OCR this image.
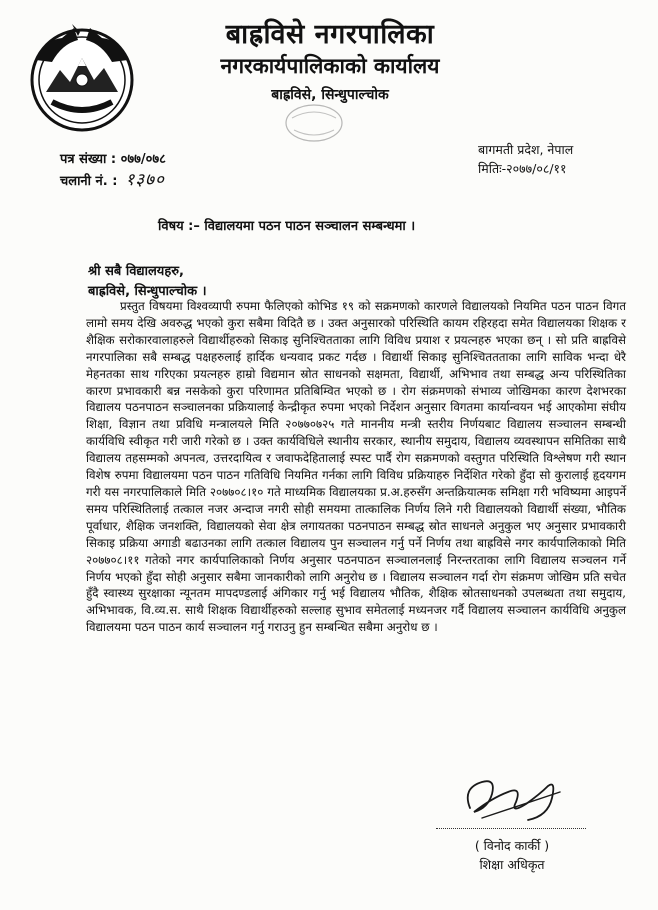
बाह्रविसे नगरपालिका
नगरकार्यपालिकाको कार्यालय
बाह्रविसे, सिन्धुपाल्चोक
पत्र संख्या : ०७७/०७८
चलानी नं. : १३७०
बागमती प्रदेश, नेपाल
मितिः-२०७७/०८/११
विषय :– विद्यालयमा पठन पाठन सञ्चालन सम्बन्धमा ।
श्री सबै विद्यालयहरु,
बाह्रविसे, सिन्धुपाल्चोक ।
प्रस्तुत विषयमा विश्वव्यापी रुपमा फैलिएको कोभिड १९ को सक्रमणको कारणले विद्यालयको नियमित पठन पाठन विगत लामो समय देखि अवरुद्ध भएको कुरा सबैमा विदितै छ । उक्त अनुसारको परिस्थिति कायम रहिरहदा समेत विद्यालयका शिक्षक र शैक्षिक सरोकारवालाहरुले विद्यार्थीहरुको सिकाइ सुनिश्चितताका लागि विविध प्रयाश र प्रयत्नहरु भएका छन् । सो प्रति बाह्रविसे नगरपालिका सबै सम्बद्ध पक्षहरुलाई हार्दिक धन्यवाद प्रकट गर्दछ । विद्यार्थी सिकाइ सुनिश्चिततताका लागि साविक भन्दा धेरै मेहनतका साथ गरिएका प्रयत्नहरु हाम्रो विद्यमान स्रोत साधनको सक्षमता, विद्यार्थी, अभिभाव तथा सम्बद्ध अन्य परिस्थितिका कारण प्रभावकारी बन्न नसकेको कुरा परिणामत प्रतिबिम्वित भएको छ । रोग संक्रमणको संभाव्य जोखिमका कारण देशभरका विद्यालय पठनपाठन सञ्चालनका प्रक्रियालाई केन्द्रीकृत रुपमा भएको निर्देशन अनुसार विगतमा कार्यान्वयन भई आएकोमा संघीय शिक्षा, विज्ञान तथा प्रविधि मन्त्रालयले मिति २०७७०७२५ गते माननीय मन्त्री स्तरीय निर्णयबाट विद्यालय सञ्चालन सम्बन्धी कार्यविधि स्वीकृत गरी जारी गरेको छ । उक्त कार्यविधिले स्थानीय सरकार, स्थानीय समुदाय, विद्यालय व्यवस्थापन समितिका साथै विद्यालय तहसम्मको अपनत्व, उत्तरदायित्व र जवाफदेहितालाई स्पस्ट पार्दै रोग सक्रमणको वस्तुगत परिस्थिति विश्लेषण गरी स्थान विशेष रुपमा विद्यालयमा पठन पाठन गतिविधि नियमित गर्नका लागि विविध प्रक्रियाहरु निर्देशित गरेको हुँदा सो कुरालाई हृदयगम गरी यस नगरपालिकाले मिति २०७७०८।१० गते माध्यमिक विद्यालयका प्र.अ.हरुसँग अन्तक्रियात्मक समिक्षा गरी भविष्यमा आइपर्ने समय परिस्थितिलाई तत्काल नजर अन्दाज नगरी सोही समयमा तात्कालिक निर्णय लिने गरी विद्यालयको विद्यार्थी संख्या, भौतिक पूर्वाधार, शैक्षिक जनशक्ति, विद्यालयको सेवा क्षेत्र लगायतका पठनपाठन सम्बद्ध स्रोत साधनले अनुकुल भए अनुसार प्रभावकारी सिकाइ प्रक्रिया अगाडी बढाउनका लागि तत्काल विद्यालय पुन सञ्चालन गर्नु पर्ने निर्णय तथा बाह्रविसे नगर कार्यपालिकाको मिति २०७७०८।११ गतेको नगर कार्यपालिकाको निर्णय अनुसार पठनपाठन सञ्चालनलाई निरन्तरताका लागि विद्यालय सञ्चलन गर्ने निर्णय भएको हुँदा सोही अनुसार सबैमा जानकारीको लागि अनुरोध छ । विद्यालय सञ्चालन गर्दा रोग संक्रमण जोखिम प्रति सचेत हुँदै स्वास्थ्य सुरक्षाका न्यूनतम मापदण्डलाई अंगिकार गर्नु भई विद्यालय भौतिक, शैक्षिक स्रोतसाधनको उपलब्धता तथा समुदाय, अभिभावक, वि.व्य.स. साथै शिक्षक विद्यार्थीहरुको सल्लाह सुभाव समेतलाई मध्यनजर गर्दै विद्यालय सञ्चालन कार्यविधि अनुकुल विद्यालयमा पठन पाठन कार्य सञ्चालन गर्नु गराउनु हुन सम्बन्धित सबैमा अनुरोध छ ।
( विनोद कार्की )
शिक्षा अधिकृत
